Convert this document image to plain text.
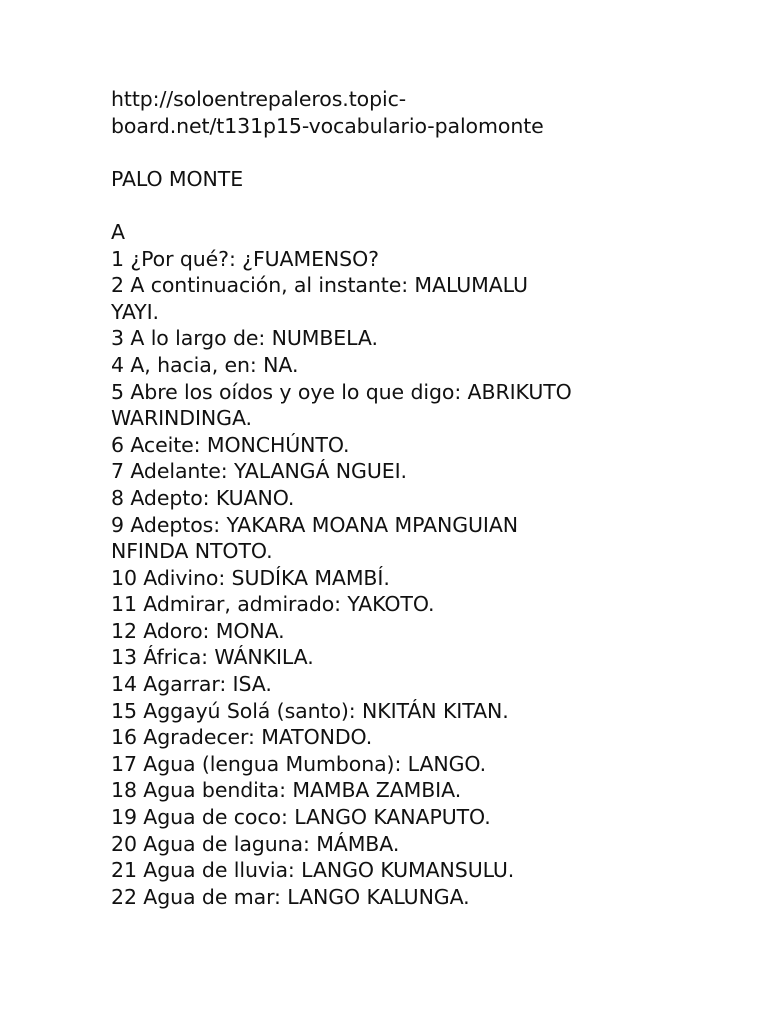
http://soloentrepaleros.topic-
board.net/t131p15-vocabulario-palomonte
PALO MONTE
A
1 ¿Por qué?: ¿FUAMENSO?
2 A continuación, al instante: MALUMALU
YAYI.
3 A lo largo de: NUMBELA.
4 A, hacia, en: NA.
5 Abre los oídos y oye lo que digo: ABRIKUTO
WARINDINGA.
6 Aceite: MONCHÚNTO.
7 Adelante: YALANGÁ NGUEI.
8 Adepto: KUANO.
9 Adeptos: YAKARA MOANA MPANGUIAN
NFINDA NTOTO.
10 Adivino: SUDÍKA MAMBÍ.
11 Admirar, admirado: YAKOTO.
12 Adoro: MONA.
13 África: WÁNKILA.
14 Agarrar: ISA.
15 Aggayú Solá (santo): NKITÁN KITAN.
16 Agradecer: MATONDO.
17 Agua (lengua Mumbona): LANGO.
18 Agua bendita: MAMBA ZAMBIA.
19 Agua de coco: LANGO KANAPUTO.
20 Agua de laguna: MÁMBA.
21 Agua de lluvia: LANGO KUMANSULU.
22 Agua de mar: LANGO KALUNGA.
